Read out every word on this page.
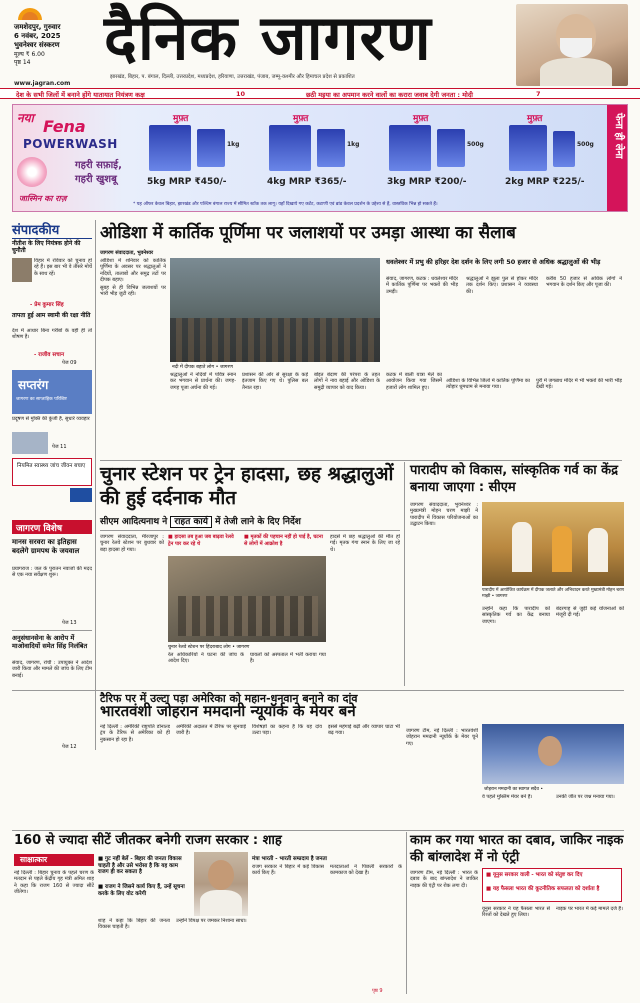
जमशेदपुर, गुरुवार
6 नवंबर, 2025
भुवनेश्वर संस्करण
मूल्य ₹ 6.00
पृष्ठ 14 दैनिक जागरण
झारखंड, बिहार, प. बंगाल, दिल्ली, उत्तरप्रदेश, मध्यप्रदेश, हरियाणा, उत्तराखंड, पंजाब, जम्मू-कश्मीर और हिमाचल प्रदेश से प्रकाशित
www.jagran.com
देश के सभी जिलों में बनाने होंगे यातायात नियंत्रण कक्ष	10	छठी मइया का अपमान करने वालों का करारा जवाब देगी जनता : मोदी	7
नया Fena
POWERWASH
जास्मिन का राज़
गहरी सफ़ाई,
गहरी खुशबू
मुफ़्त
1kg
5kg MRP ₹450/-
मुफ़्त
1kg
4kg MRP ₹365/-
मुफ़्त
500g
3kg MRP ₹200/-
मुफ़्त
500g
2kg MRP ₹225/-
फेना ही लेना
* यह ऑफर केवल बिहार, झारखंड और पश्चिम बंगाल राज्य में सीमित स्टॉक तक लागू। यहाँ दिखाये गए कटेंट, कटाणी एवं ब्रांड केवल प्रदर्शन के उद्देश्य से हैं, वास्तविक भिन्न हो सकते हैं।
संपादकीय
नीतीश के लिए नियंत्रक होने की चुनौती
विहार में रविवार को चुनाव हो रहे हैं। इस बार भी वे तीसरे मोर्चे के साथ रहें।
- प्रेम कुमार सिंह
तापता हुई आम स्वामी की रक्षा नीति
देश में आधार बिना गरीबों के वही ही तो शोषण है।
- राजीव सचान
पेज 09
सप्तरंग
जागरण का साप्ताहिक परिशिष्ट
प्रदूषण से मुक्ति की कुंजी है, सुधारे व्यवहार
पेज 11
नियमित स्वास्थ्य जांच जीवन बचाए
जागरण विशेष
मानस सरवरा का इतिहास बदलेगे ग्रामपथ के जयवाल
प्रयागराज : जल के पुरातन नवाजों की मदद से एक नया सर्वेक्षण शुरू।
पेज 13
अनुसंधानसेना के आरोप में माओवादियों समेत सिंह निलंबित
संवाद, जागरण, रांची : उपायुक्त ने आदेश जारी किया और मामले की जांच के लिए टीम बनाई।
पेज 12
ओडिशा में कार्तिक पूर्णिमा पर जलाशयों पर उमड़ा आस्था का सैलाब
जागरण संवाददाता, भुवनेश्वर

ओडिशा में शनिवार को कार्तिक पूर्णिमा के अवसर पर श्रद्धालुओं ने नदियों, तालाबों और समुद्र तटों पर दीपक बहाए।

सुबह से ही विभिन्न जलाशयों पर भारी भीड़ जुटी रही।

नदी में दीपक बहाते लोग • जागरण

श्रद्धालुओं ने नदियों में पवित्र स्नान कर भगवान से प्रार्थना की। जगह-जगह पूजा अर्चना की गई।

प्रशासन की ओर से सुरक्षा के कड़े इंतजाम किए गए थे। पुलिस बल तैनात रहा।

बोइत बंदाण की परंपरा के तहत लोगों ने नाव बहाई और ओडिशा के समुद्री व्यापार को याद किया।

कटक में बाली यात्रा मेले का आयोजन किया गया जिसमें हजारों लोग शामिल हुए।

धवलेश्वर में प्रभु की हरिहर देश दर्शन के लिए लगी 50 हजार से अधिक श्रद्धालुओं की भीड़

संवाद, जागरण, कटक : धवलेश्वर मंदिर में कार्तिक पूर्णिमा पर भक्तों की भीड़ उमड़ी।

श्रद्धालुओं ने झूला पुल से होकर मंदिर तक दर्शन किए। प्रशासन ने व्यवस्था की।

करीब 50 हजार से अधिक लोगों ने भगवान के दर्शन किए और पूजा की।

ओडिशा के विभिन्न जिलों में कार्तिक पूर्णिमा का त्योहार धूमधाम से मनाया गया।

पुरी में जगन्नाथ मंदिर में भी भक्तों की भारी भीड़ देखी गई।

चुनार स्टेशन पर ट्रेन हादसा, छह श्रद्धालुओं की हुई दर्दनाक मौत
सीएम आदित्यनाथ ने राहत कार्य में तेजी लाने के दिए निर्देश

जागरण संवाददाता, मीरजापुर : चुनार रेलवे स्टेशन पर बुधवार को बड़ा हादसा हो गया।

■ हादसा तब हुआ जब बाढ़वा रेलवे ट्रेन पार कर रहे थे
■ मृतकों की पहचान नहीं हो पाई है, घटना से लोगों में आक्रोश है
चुनार रेलवे स्टेशन पर हिंदराबाद लोग • जागरण

हादसे में छह श्रद्धालुओं की मौत हो गई। मृतक गंगा स्नान के लिए जा रहे थे।

रेल अधिकारियों ने घटना की जांच के आदेश दिए।

घायलों को अस्पताल में भर्ती कराया गया है।

पारादीप को विकास, सांस्कृतिक गर्व का केंद्र बनाया जाएगा : सीएम

जागरण संवाददाता, भुवनेश्वर : मुख्यमंत्री मोहन चरण माझी ने पारादीप में विकास परियोजनाओं का उद्घाटन किया।

पारादीप में आयोजित कार्यक्रम में दीपक जलाते और अभिवादन करते मुख्यमंत्री मोहन चरण माझी • जागरण

उन्होंने कहा कि पारादीप को सांस्कृतिक गर्व का केंद्र बनाया जाएगा।

बंदरगाह से जुड़ी कई योजनाओं को मंजूरी दी गई।

टैरिफ पर में उल्टा पड़ा अमेरिका को महान-धनवान बनाने का दांव

नई दिल्ली : अमेरिकी राष्ट्रपति डोनाल्ड ट्रंप के टैरिफ से अमेरिका को ही नुकसान हो रहा है।

अमेरिकी अदालत में टैरिफ पर सुनवाई जारी है।

विशेषज्ञों का कहना है कि यह दांव उल्टा पड़ा।

इससे महंगाई बढ़ी और व्यापार घाटा भी बढ़ गया।

भारतवंशी जोहरान ममदानी न्यूयॉर्क के मेयर बने

जागरण टीम, नई दिल्ली : भारतवंशी जोहरान ममदानी न्यूयॉर्क के मेयर चुने गए।

जोहरान ममदानी का स्वागत सदैव •

वे पहले मुस्लिम मेयर बने हैं।	उनकी जीत पर जश्न मनाया गया।

160 से ज्यादा सीटें जीतकर बनेगी राजग सरकार : शाह
साक्षात्कार

नई दिल्ली : बिहार चुनाव के पहले चरण के मतदान से पहले केंद्रीय गृह मंत्री अमित शाह ने कहा कि राजग 160 से ज्यादा सीटें जीतेगा।

■ गुट नहीं बेलें - बिहार की जनता विकास चाहती है और उसे भरोसा है कि यह काम राजग ही कर सकता है
■ राजग ने जिसने कार्य किए हैं, उन्हें सूचना करके के लिए वोट करेगी
मंत्रा भारती - भारती सम्प्रदाय है जनता

शाह ने कहा कि बिहार की जनता विकास चाहती है।

उन्होंने विपक्ष पर जमकर निशाना साधा।

राजग सरकार ने बिहार में कई विकास कार्य किए हैं।

मतदाताओं ने पिछली सरकारों के कामकाज को देखा है।

पृष्ठ 9
काम कर गया भारत का दबाव, जाकिर नाइक की बांग्लादेश में नो एंट्री

जागरण टीम, नई दिल्ली : भारत के दबाव के बाद बांग्लादेश ने जाकिर नाइक की एंट्री पर रोक लगा दी।

■ यूनुस सरकार वाली - भारत को संतुष्ट कर दिए
■ यह फैसला भारत की कूटनीतिक सफलता को दर्शाता है

यूनुस सरकार ने यह फैसला भारत से रिश्तों को देखते हुए लिया।

नाइक पर भारत में कई मामले दर्ज हैं।
